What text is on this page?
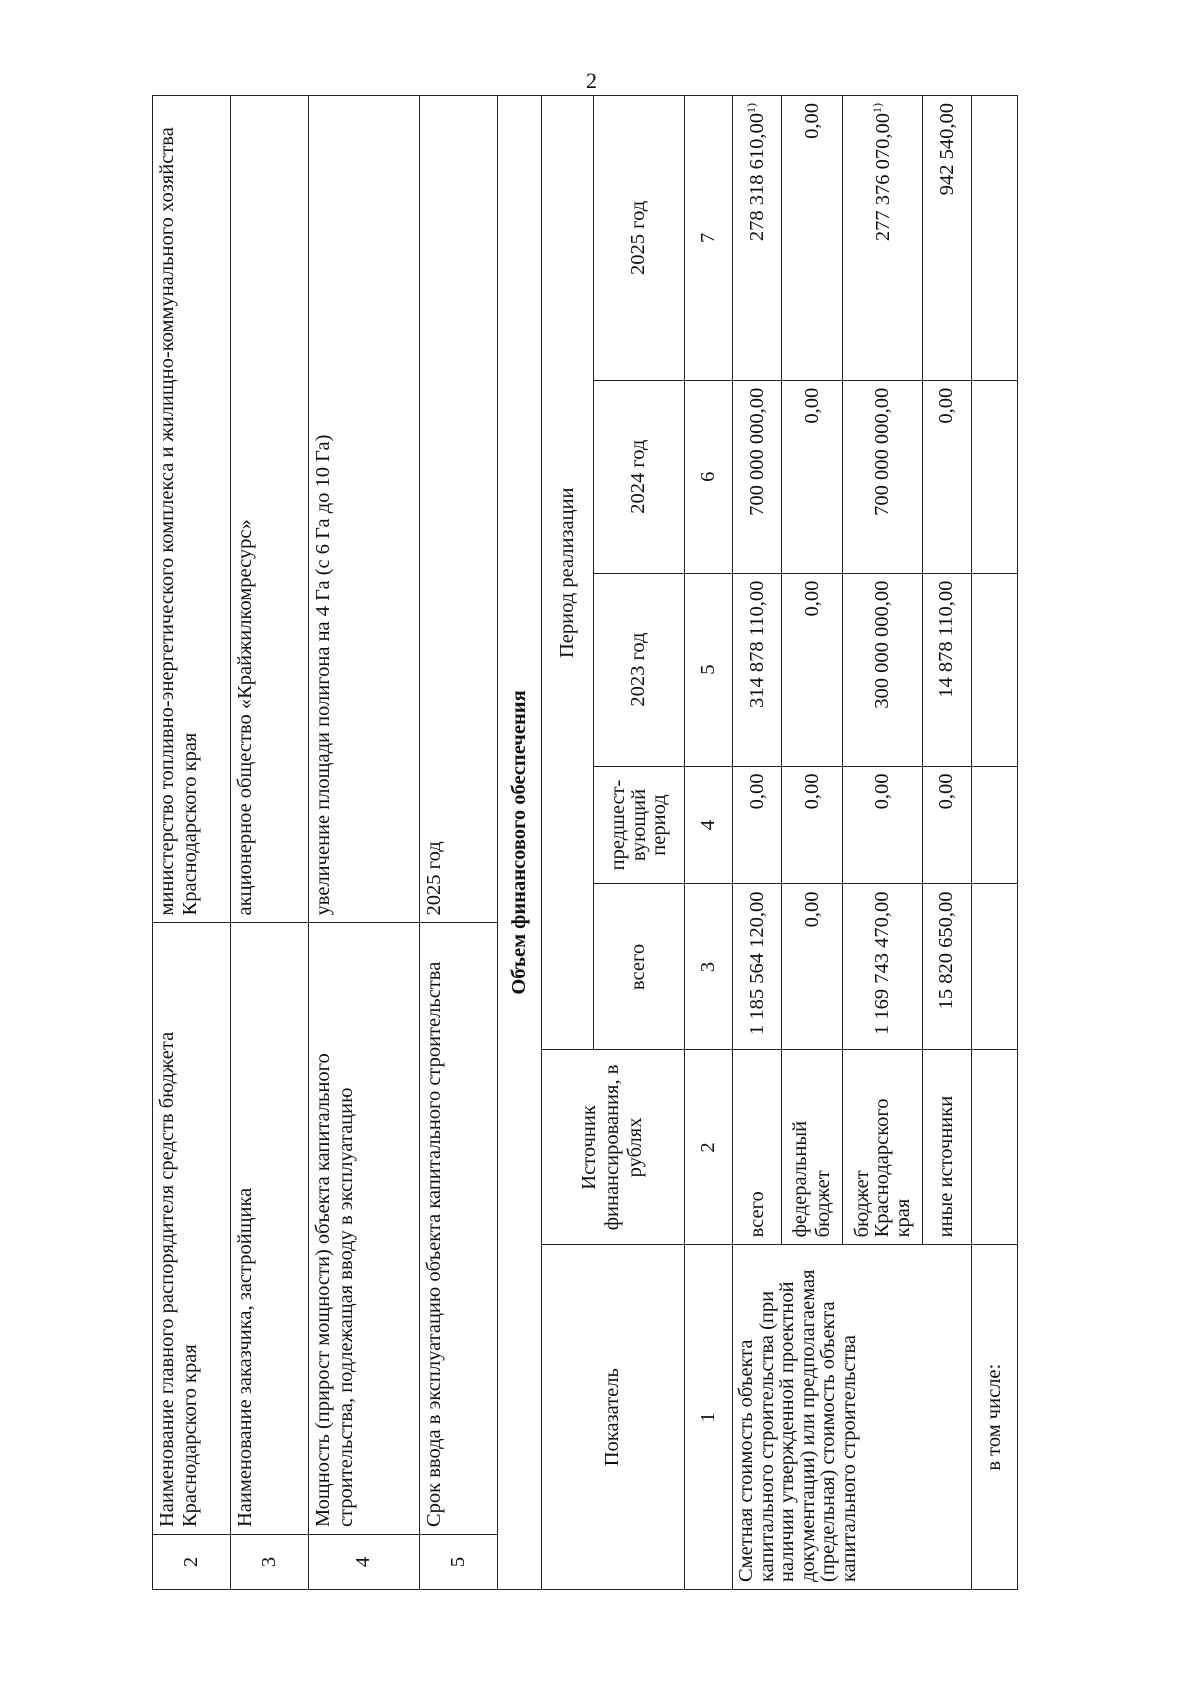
2
2	Наименование главного распорядителя средств бюджета Краснодарского края	министерство топливно-энергетического комплекса и жилищно-коммунального хозяйства Краснодарского края
3	Наименование заказчика, застройщика	акционерное общество «Крайжилкомресурс»
4	Мощность (прирост мощности) объекта капитального строительства, подлежащая вводу в эксплуатацию	увеличение площади полигона на 4 Га (с 6 Га до 10 Га)
5	Срок ввода в эксплуатацию объекта капитального строительства	2025 год
Объем финансового обеспечения		
Показатель	Источник финансирования, в рублях	Период реализации				
		всего	предшест-вующий период	2023 год	2024 год	2025 год
1	2	3	4	5	6	7
Сметная стоимость объекта капитального строительства (при наличии утвержденной проектной документации) или предполагаемая (предельная) стоимость объекта капитального строительства	всего	1 185 564 120,00	0,00	314 878 110,00	700 000 000,00	278 318 610,00$^{1)}$
	федеральный бюджет	0,00	0,00	0,00	0,00	0,00
	бюджет Краснодарского края	1 169 743 470,00	0,00	300 000 000,00	700 000 000,00	277 376 070,00$^{1)}$
	иные источники	15 820 650,00	0,00	14 878 110,00	0,00	942 540,00
в том числе:						
